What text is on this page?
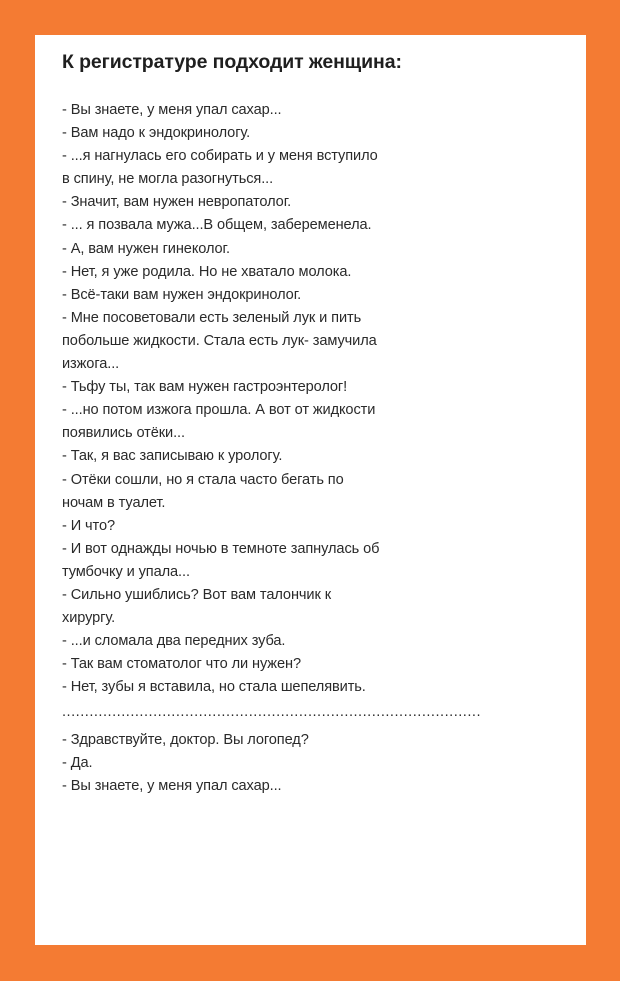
К регистратуре подходит женщина:
- Вы знаете, у меня упал сахар...
- Вам надо к эндокринологу.
- ...я нагнулась его собирать и у меня вступило
в спину, не могла разогнуться...
- Значит, вам нужен невропатолог.
- ... я позвала мужа...В общем, забеременела.
- А, вам нужен гинеколог.
- Нет, я уже родила. Но не хватало молока.
- Всё-таки вам нужен эндокринолог.
- Мне посоветовали есть зеленый лук и пить
побольше жидкости. Стала есть лук- замучила
изжога...
- Тьфу ты, так вам нужен гастроэнтеролог!
- ...но потом изжога прошла. А вот от жидкости
появились отёки...
- Так, я вас записываю к урологу.
- Отёки сошли, но я стала часто бегать по
ночам в туалет.
- И что?
- И вот однажды ночью в темноте запнулась об
тумбочку и упала...
- Сильно ушиблись? Вот вам талончик к
хирургу.
- ...и сломала два передних зуба.
- Так вам стоматолог что ли нужен?
- Нет, зубы я вставила, но стала шепелявить.
............................................................................................
- Здравствуйте, доктор. Вы логопед?
- Да.
- Вы знаете, у меня упал сахар...
